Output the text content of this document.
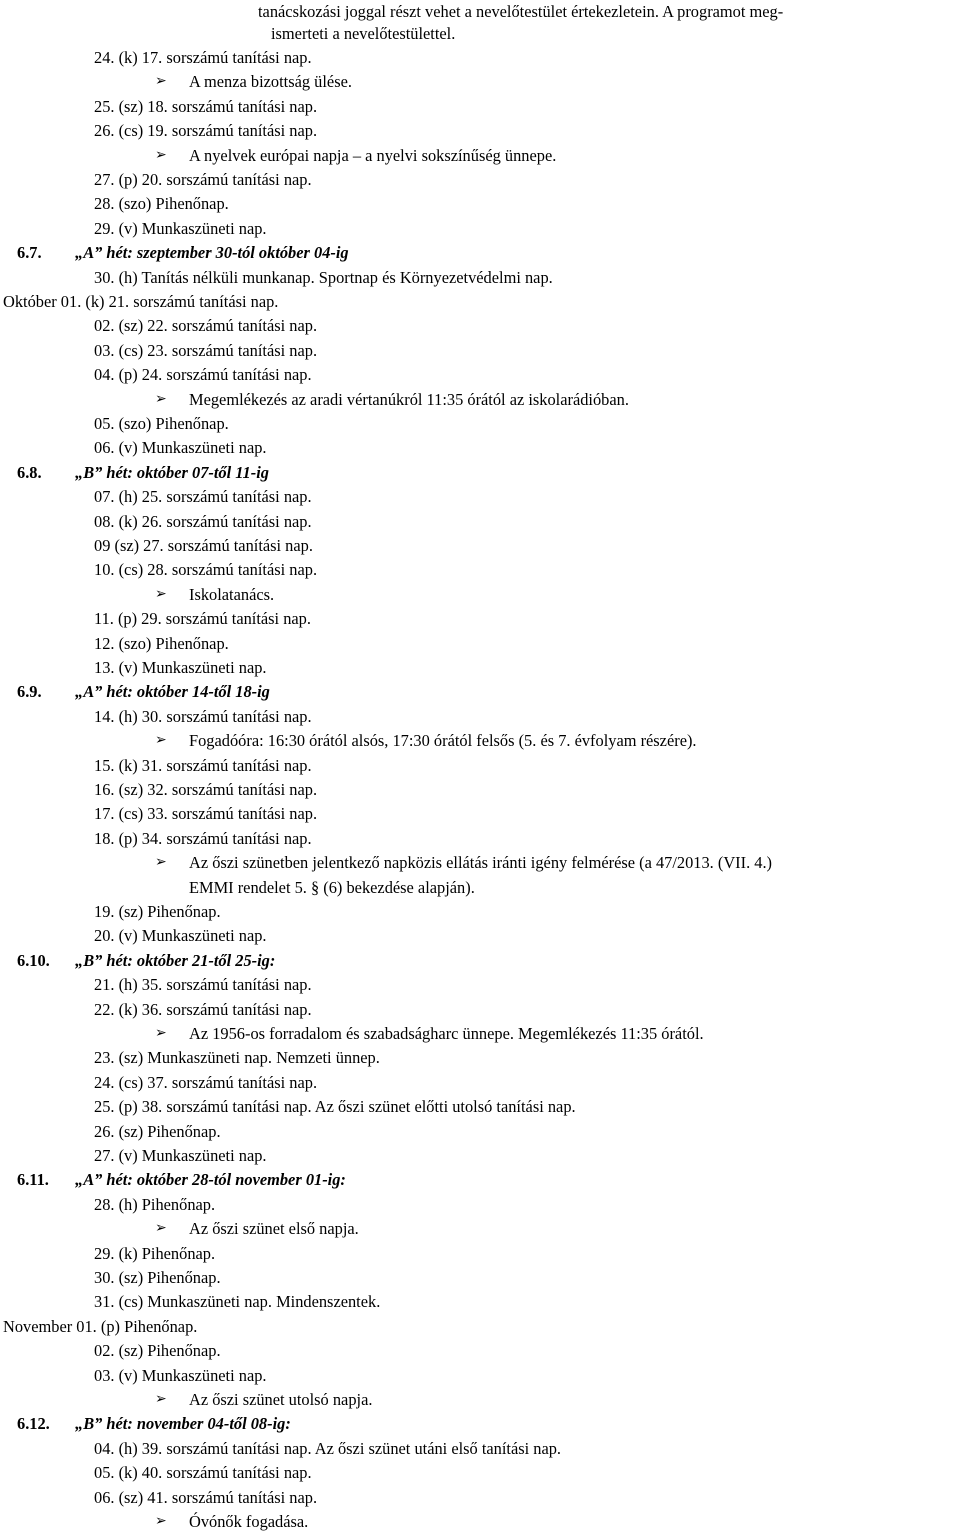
tanácskozási joggal részt vehet a nevelőtestület értekezletein. A programot meg-
ismerteti a nevelőtestülettel.
24. (k) 17. sorszámú tanítási nap.
➢ A menza bizottság ülése.
25. (sz) 18. sorszámú tanítási nap.
26. (cs) 19. sorszámú tanítási nap.
➢ A nyelvek európai napja – a nyelvi sokszínűség ünnepe.
27. (p) 20. sorszámú tanítási nap.
28. (szo) Pihenőnap.
29. (v) Munkaszüneti nap.
6.7. „A” hét: szeptember 30-tól október 04-ig
30. (h) Tanítás nélküli munkanap. Sportnap és Környezetvédelmi nap.
Október 01. (k) 21. sorszámú tanítási nap.
02. (sz) 22. sorszámú tanítási nap.
03. (cs) 23. sorszámú tanítási nap.
04. (p) 24. sorszámú tanítási nap.
➢ Megemlékezés az aradi vértanúkról 11:35 órától az iskolarádióban.
05. (szo) Pihenőnap.
06. (v) Munkaszüneti nap.
6.8. „B” hét: október 07-től 11-ig
07. (h) 25. sorszámú tanítási nap.
08. (k) 26. sorszámú tanítási nap.
09 (sz) 27. sorszámú tanítási nap.
10. (cs) 28. sorszámú tanítási nap.
➢ Iskolatanács.
11. (p) 29. sorszámú tanítási nap.
12. (szo) Pihenőnap.
13. (v) Munkaszüneti nap.
6.9. „A” hét: október 14-től 18-ig
14. (h) 30. sorszámú tanítási nap.
➢ Fogadóóra: 16:30 órától alsós, 17:30 órától felsős (5. és 7. évfolyam részére).
15. (k) 31. sorszámú tanítási nap.
16. (sz) 32. sorszámú tanítási nap.
17. (cs) 33. sorszámú tanítási nap.
18. (p) 34. sorszámú tanítási nap.
➢ Az őszi szünetben jelentkező napközis ellátás iránti igény felmérése (a 47/2013. (VII. 4.)
EMMI rendelet 5. § (6) bekezdése alapján).
19. (sz) Pihenőnap.
20. (v) Munkaszüneti nap.
6.10. „B” hét: október 21-től 25-ig:
21. (h) 35. sorszámú tanítási nap.
22. (k) 36. sorszámú tanítási nap.
➢ Az 1956-os forradalom és szabadságharc ünnepe. Megemlékezés 11:35 órától.
23. (sz) Munkaszüneti nap. Nemzeti ünnep.
24. (cs) 37. sorszámú tanítási nap.
25. (p) 38. sorszámú tanítási nap. Az őszi szünet előtti utolsó tanítási nap.
26. (sz) Pihenőnap.
27. (v) Munkaszüneti nap.
6.11. „A” hét: október 28-tól november 01-ig:
28. (h) Pihenőnap.
➢ Az őszi szünet első napja.
29. (k) Pihenőnap.
30. (sz) Pihenőnap.
31. (cs) Munkaszüneti nap. Mindenszentek.
November 01. (p) Pihenőnap.
02. (sz) Pihenőnap.
03. (v) Munkaszüneti nap.
➢ Az őszi szünet utolsó napja.
6.12. „B” hét: november 04-től 08-ig:
04. (h) 39. sorszámú tanítási nap. Az őszi szünet utáni első tanítási nap.
05. (k) 40. sorszámú tanítási nap.
06. (sz) 41. sorszámú tanítási nap.
➢ Óvónők fogadása.
